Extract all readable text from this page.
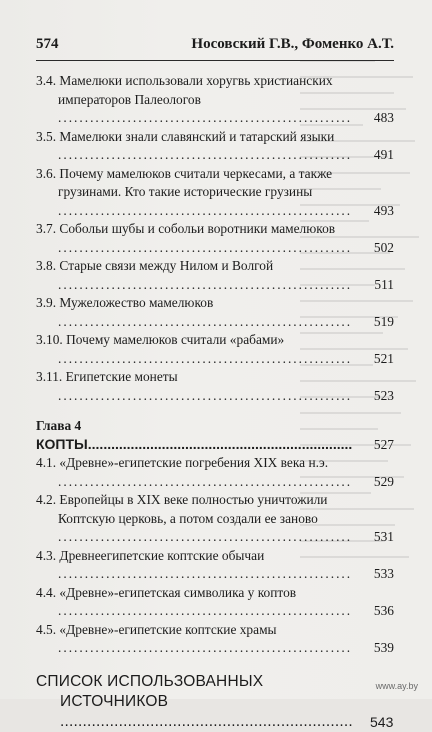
574	Носовский Г.В., Фоменко А.Т.
3.4. Мамелюки использовали хоругвь христианских императоров Палеологов .......................................................	483
3.5. Мамелюки знали славянский и татарский языки .......................................................	491
3.6. Почему мамелюков считали черкесами, а также грузинами. Кто такие исторические грузины .......................................................	493
3.7. Собольи шубы и собольи воротники мамелюков .......................................................	502
3.8. Старые связи между Нилом и Волгой .......................................................	511
3.9. Мужеложество мамелюков .......................................................	519
3.10. Почему мамелюков считали «рабами» .......................................................	521
3.11. Египетские монеты .......................................................	523
Глава 4
КОПТЫ.................................................................... 527
4.1. «Древне»-египетские погребения XIX века н.э. .......................................................	529
4.2. Европейцы в XIX веке полностью уничтожили Коптскую церковь, а потом создали ее заново .......................................................	531
4.3. Древнеегипетские коптские обычаи .......................................................	533
4.4. «Древне»-египетская символика у коптов .......................................................	536
4.5. «Древне»-египетские коптские храмы .......................................................	539
СПИСОК ИСПОЛЬЗОВАННЫХ ИСТОЧНИКОВ ................................................................. 543
www.ay.by
